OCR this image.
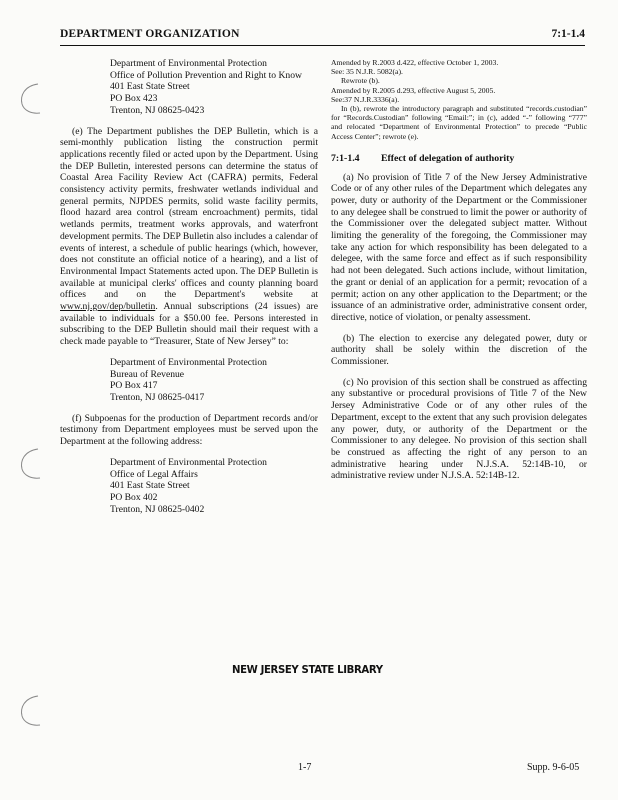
DEPARTMENT ORGANIZATION	7:1-1.4
Department of Environmental Protection
Office of Pollution Prevention and Right to Know
401 East State Street
PO Box 423
Trenton, NJ 08625-0423

(e) The Department publishes the DEP Bulletin, which is a semi-monthly publication listing the construction permit applications recently filed or acted upon by the Department. Using the DEP Bulletin, interested persons can determine the status of Coastal Area Facility Review Act (CAFRA) permits, Federal consistency activity permits, freshwater wetlands individual and general permits, NJPDES permits, solid waste facility permits, flood hazard area control (stream encroachment) permits, tidal wetlands permits, treatment works approvals, and waterfront development permits. The DEP Bulletin also includes a calendar of events of interest, a schedule of public hearings (which, however, does not constitute an official notice of a hearing), and a list of Environmental Impact Statements acted upon. The DEP Bulletin is available at municipal clerks' offices and county planning board offices and on the Department's website at www.nj.gov/dep/bulletin. Annual subscriptions (24 issues) are available to individuals for a $50.00 fee. Persons interested in subscribing to the DEP Bulletin should mail their request with a check made payable to “Treasurer, State of New Jersey” to:

Department of Environmental Protection
Bureau of Revenue
PO Box 417
Trenton, NJ 08625-0417

(f) Subpoenas for the production of Department records and/or testimony from Department employees must be served upon the Department at the following address:

Department of Environmental Protection
Office of Legal Affairs
401 East State Street
PO Box 402
Trenton, NJ 08625-0402
Amended by R.2003 d.422, effective October 1, 2003.
See: 35 N.J.R. 5082(a).
Rewrote (b).
Amended by R.2005 d.293, effective August 5, 2005.
See:37 N.J.R.3336(a).

In (b), rewrote the introductory paragraph and substituted “records.custodian” for “Records.Custodian” following “Email:”; in (c), added “-” following “777” and relocated “Department of Environmental Protection” to precede “Public Access Center”; rewrote (e).

7:1-1.4 Effect of delegation of authority

(a) No provision of Title 7 of the New Jersey Administrative Code or of any other rules of the Department which delegates any power, duty or authority of the Department or the Commissioner to any delegee shall be construed to limit the power or authority of the Commissioner over the delegated subject matter. Without limiting the generality of the foregoing, the Commissioner may take any action for which responsibility has been delegated to a delegee, with the same force and effect as if such responsibility had not been delegated. Such actions include, without limitation, the grant or denial of an application for a permit; revocation of a permit; action on any other application to the Department; or the issuance of an administrative order, administrative consent order, directive, notice of violation, or penalty assessment.

(b) The election to exercise any delegated power, duty or authority shall be solely within the discretion of the Commissioner.

(c) No provision of this section shall be construed as affecting any substantive or procedural provisions of Title 7 of the New Jersey Administrative Code or of any other rules of the Department, except to the extent that any such provision delegates any power, duty, or authority of the Department or the Commissioner to any delegee. No provision of this section shall be construed as affecting the right of any person to an administrative hearing under N.J.S.A. 52:14B-10, or administrative review under N.J.S.A. 52:14B-12.

NEW JERSEY STATE LIBRARY
1-7	Supp. 9-6-05
